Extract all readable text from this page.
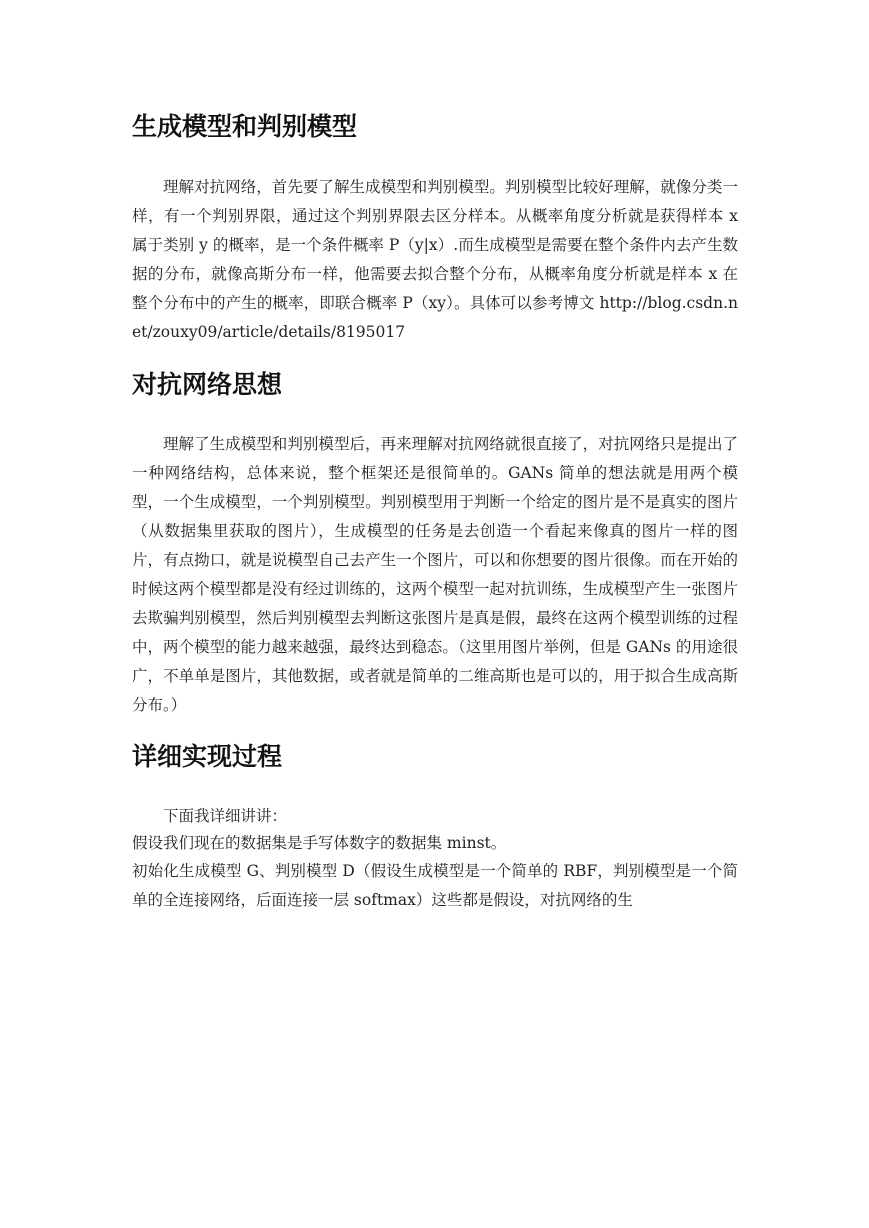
生成模型和判别模型

理解对抗网络，首先要了解生成模型和判别模型。判别模型比较好理解，就像分类一样，有一个判别界限，通过这个判别界限去区分样本。从概率角度分析就是获得样本 x 属于类别 y 的概率，是一个条件概率 P（y|x）.而生成模型是需要在整个条件内去产生数据的分布，就像高斯分布一样，他需要去拟合整个分布，从概率角度分析就是样本 x 在整个分布中的产生的概率，即联合概率 P（xy）。具体可以参考博文 http://blog.csdn.net/zouxy09/article/details/8195017

对抗网络思想

理解了生成模型和判别模型后，再来理解对抗网络就很直接了，对抗网络只是提出了一种网络结构，总体来说，整个框架还是很简单的。GANs 简单的想法就是用两个模型，一个生成模型，一个判别模型。判别模型用于判断一个给定的图片是不是真实的图片（从数据集里获取的图片），生成模型的任务是去创造一个看起来像真的图片一样的图片，有点拗口，就是说模型自己去产生一个图片，可以和你想要的图片很像。而在开始的时候这两个模型都是没有经过训练的，这两个模型一起对抗训练，生成模型产生一张图片去欺骗判别模型，然后判别模型去判断这张图片是真是假，最终在这两个模型训练的过程中，两个模型的能力越来越强，最终达到稳态。（这里用图片举例，但是 GANs 的用途很广，不单单是图片，其他数据，或者就是简单的二维高斯也是可以的，用于拟合生成高斯分布。）

详细实现过程

下面我详细讲讲：

假设我们现在的数据集是手写体数字的数据集 minst。

初始化生成模型 G、判别模型 D（假设生成模型是一个简单的 RBF，判别模型是一个简单的全连接网络，后面连接一层 softmax）这些都是假设，对抗网络的生
